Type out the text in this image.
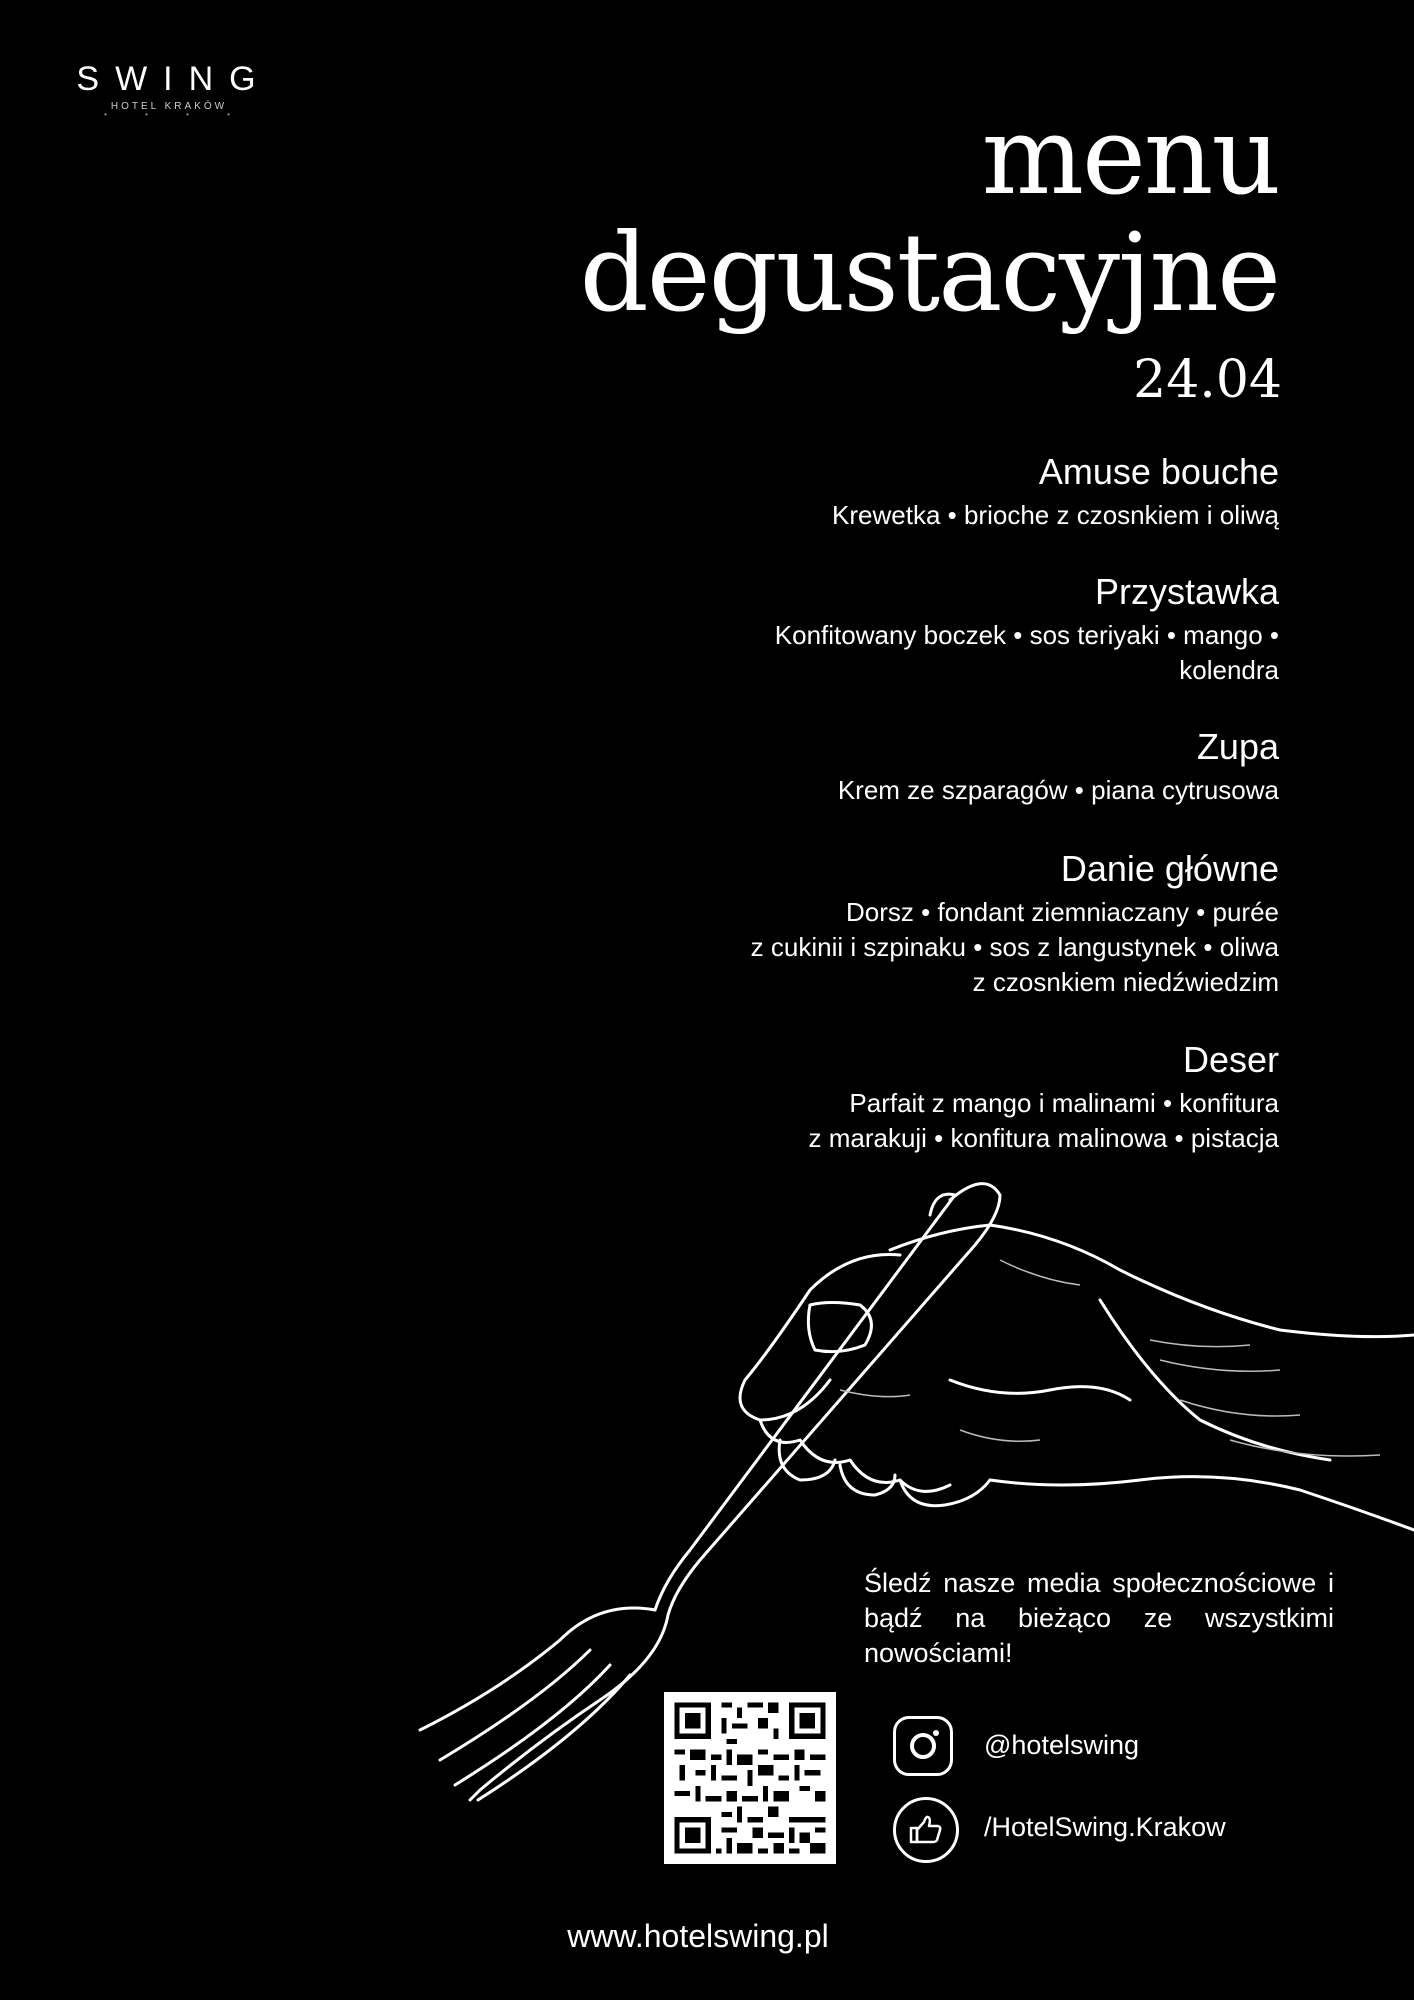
SWING
HOTEL KRAKÓW
• • • •	menu
degustacyjne
24.04
Amuse bouche
Krewetka • brioche z czosnkiem i oliwą
Przystawka
Konfitowany boczek • sos teriyaki • mango •
kolendra
Zupa
Krem ze szparagów • piana cytrusowa
Danie główne
Dorsz • fondant ziemniaczany • purée
z cukinii i szpinaku • sos z langustynek • oliwa
z czosnkiem niedźwiedzim
Deser
Parfait z mango i malinami • konfitura
z marakuji • konfitura malinowa • pistacja
Śledź nasze media społecznościowe i bądź na bieżąco ze wszystkimi nowościami!
@hotelswing
/HotelSwing.Krakow
www.hotelswing.pl
